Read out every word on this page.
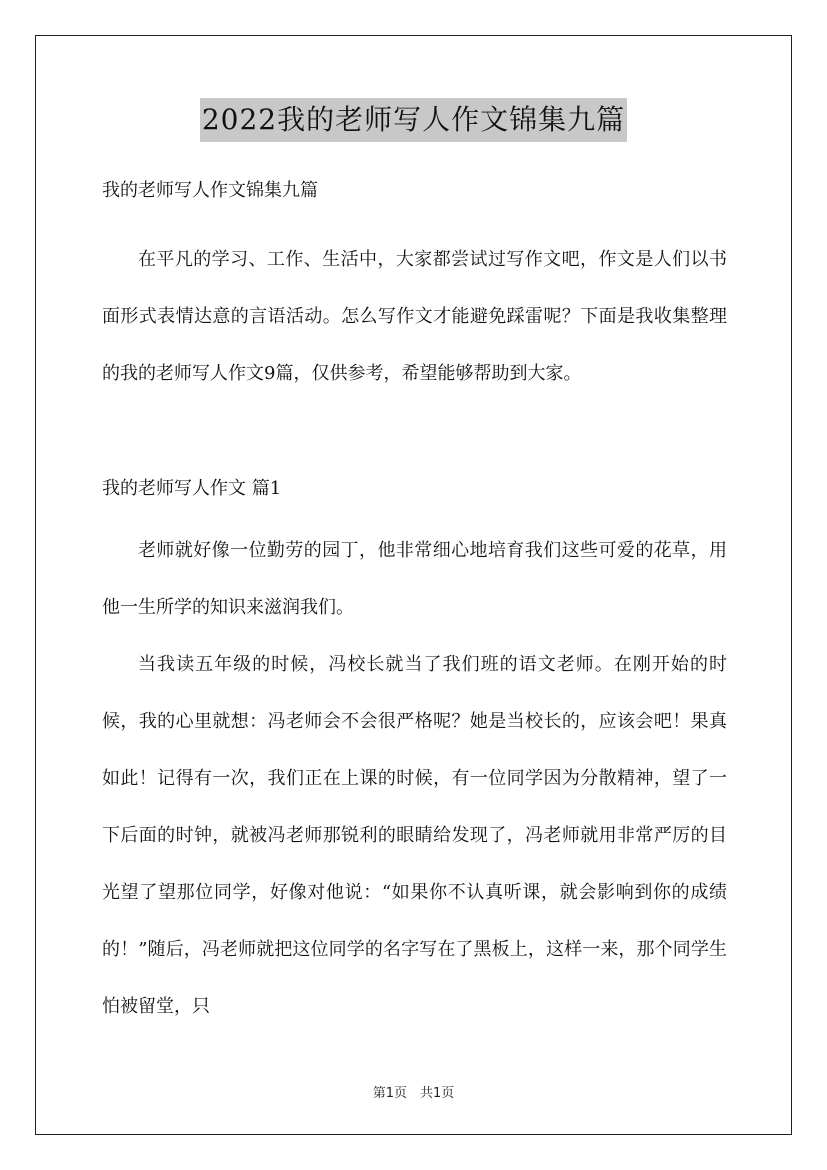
2022我的老师写人作文锦集九篇
我的老师写人作文锦集九篇

在平凡的学习、工作、生活中，大家都尝试过写作文吧，作文是人们以书面形式表情达意的言语活动。怎么写作文才能避免踩雷呢？下面是我收集整理的我的老师写人作文9篇，仅供参考，希望能够帮助到大家。

我的老师写人作文 篇1

老师就好像一位勤劳的园丁，他非常细心地培育我们这些可爱的花草，用他一生所学的知识来滋润我们。

当我读五年级的时候，冯校长就当了我们班的语文老师。在刚开始的时候，我的心里就想：冯老师会不会很严格呢？她是当校长的，应该会吧！果真如此！记得有一次，我们正在上课的时候，有一位同学因为分散精神，望了一下后面的时钟，就被冯老师那锐利的眼睛给发现了，冯老师就用非常严厉的目光望了望那位同学，好像对他说：“如果你不认真听课，就会影响到你的成绩的！”随后，冯老师就把这位同学的名字写在了黑板上，这样一来，那个同学生怕被留堂，只

第1页　共1页
